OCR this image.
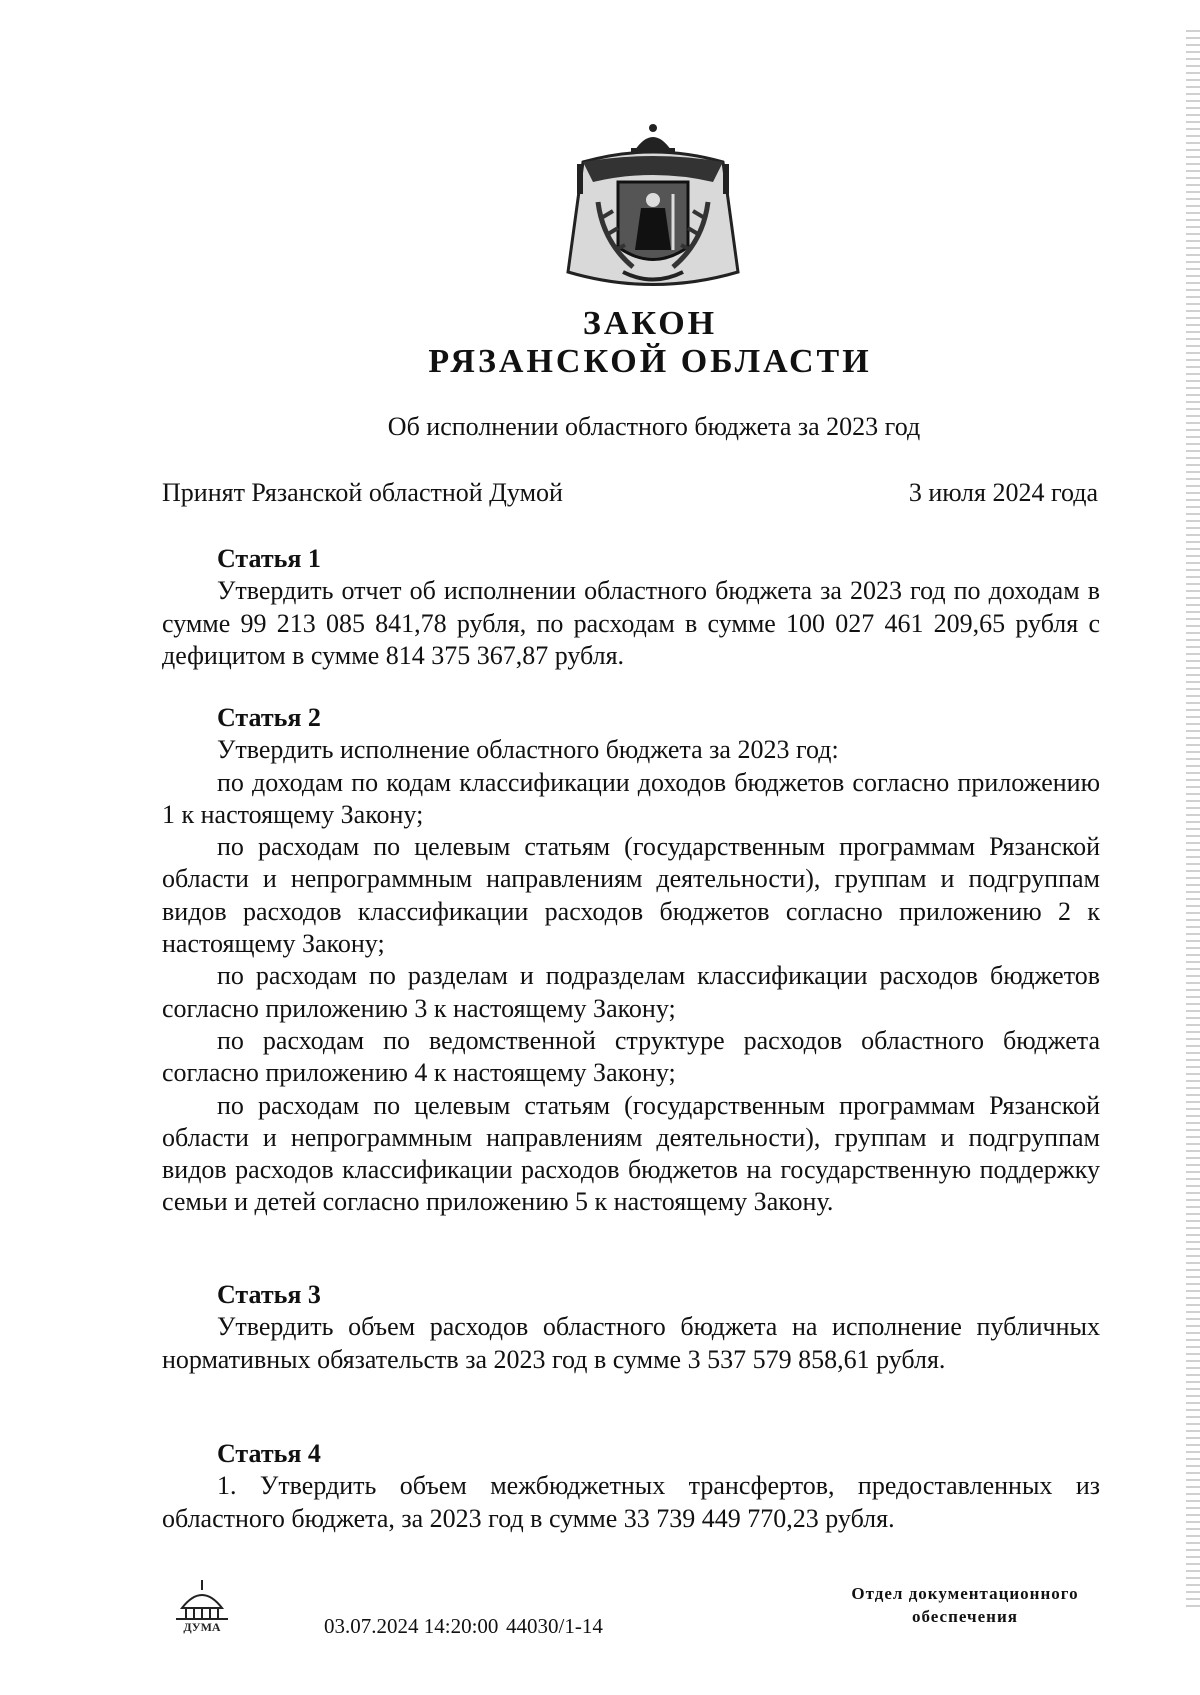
ЗАКОН
РЯЗАНСКОЙ ОБЛАСТИ
Об исполнении областного бюджета за 2023 год
Принят Рязанской областной Думой	3 июля 2024 года
Статья 1

Утвердить отчет об исполнении областного бюджета за 2023 год по доходам в сумме 99 213 085 841,78 рубля, по расходам в сумме 100 027 461 209,65 рубля с дефицитом в сумме 814 375 367,87 рубля.

Статья 2

Утвердить исполнение областного бюджета за 2023 год:

по доходам по кодам классификации доходов бюджетов согласно приложению 1 к настоящему Закону;

по расходам по целевым статьям (государственным программам Рязанской области и непрограммным направлениям деятельности), группам и подгруппам видов расходов классификации расходов бюджетов согласно приложению 2 к настоящему Закону;

по расходам по разделам и подразделам классификации расходов бюджетов согласно приложению 3 к настоящему Закону;

по расходам по ведомственной структуре расходов областного бюджета согласно приложению 4 к настоящему Закону;

по расходам по целевым статьям (государственным программам Рязанской области и непрограммным направлениям деятельности), группам и подгруппам видов расходов классификации расходов бюджетов на государственную поддержку семьи и детей согласно приложению 5 к настоящему Закону.

Статья 3

Утвердить объем расходов областного бюджета на исполнение публичных нормативных обязательств за 2023 год в сумме 3 537 579 858,61 рубля.

Статья 4

1. Утвердить объем межбюджетных трансфертов, предоставленных из областного бюджета, за 2023 год в сумме 33 739 449 770,23 рубля.

ДУМА	03.07.2024 14:20:00 44030/1-14
Отдел документационного
обеспечения
